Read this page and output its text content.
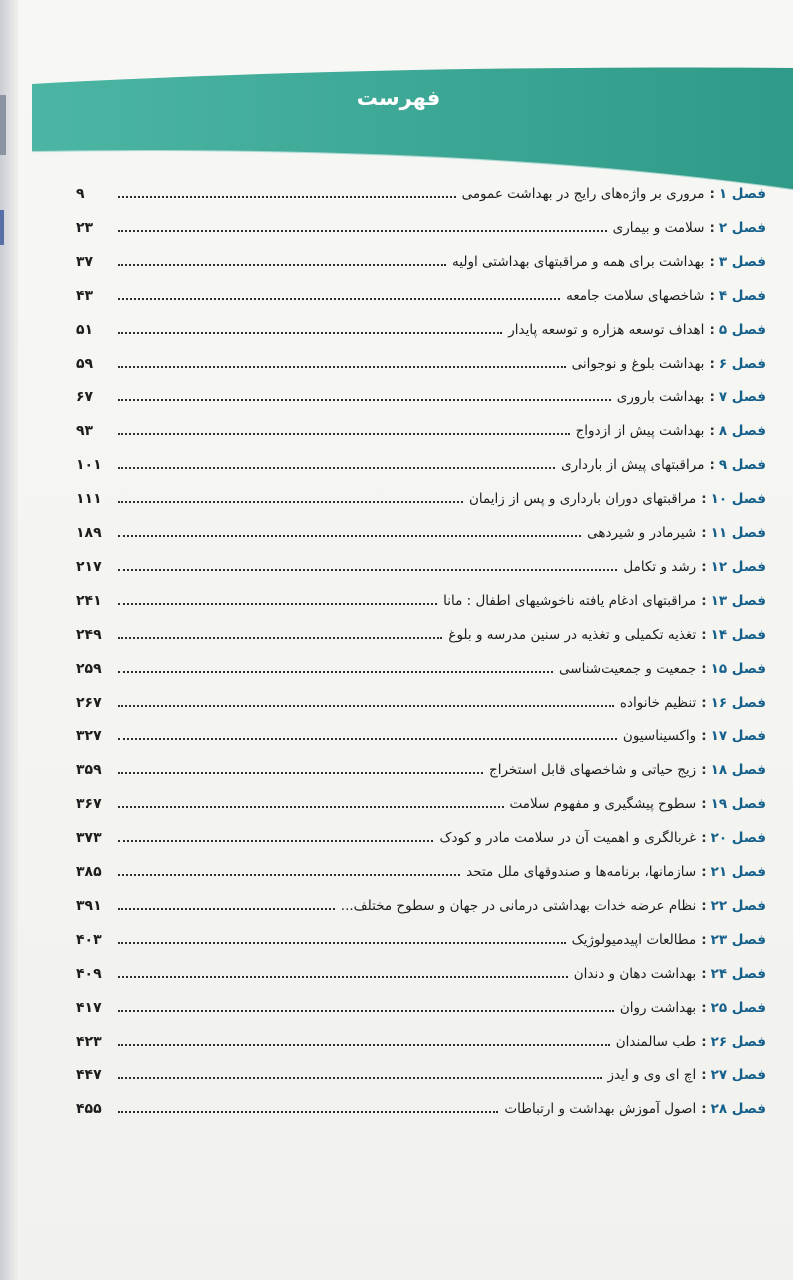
فهرست
فصل ۱
:
مروری بر واژه‌های رایج در بهداشت عمومی
۹
فصل ۲
:
سلامت و بیماری
۲۳
فصل ۳
:
بهداشت برای همه و مراقبتهای بهداشتی اولیه
۳۷
فصل ۴
:
شاخصهای سلامت جامعه
۴۳
فصل ۵
:
اهداف توسعه هزاره و توسعه پایدار
۵۱
فصل ۶
:
بهداشت بلوغ و نوجوانی
۵۹
فصل ۷
:
بهداشت باروری
۶۷
فصل ۸
:
بهداشت پیش از ازدواج
۹۳
فصل ۹
:
مراقبتهای پیش از بارداری
۱۰۱
فصل ۱۰
:
مراقبتهای دوران بارداری و پس از زایمان
۱۱۱
فصل ۱۱
:
شیرمادر و شیردهی
۱۸۹
فصل ۱۲
:
رشد و تکامل
۲۱۷
فصل ۱۳
:
مراقبتهای ادغام یافته ناخوشیهای اطفال : مانا
۲۴۱
فصل ۱۴
:
تغذیه تکمیلی و تغذیه در سنین مدرسه و بلوغ
۲۴۹
فصل ۱۵
:
جمعیت و جمعیت‌شناسی
۲۵۹
فصل ۱۶
:
تنظیم خانواده
۲۶۷
فصل ۱۷
:
واکسیناسیون
۳۲۷
فصل ۱۸
:
زیج حیاتی و شاخصهای قابل استخراج
۳۵۹
فصل ۱۹
:
سطوح پیشگیری و مفهوم سلامت
۳۶۷
فصل ۲۰
:
غربالگری و اهمیت آن در سلامت مادر و کودک
۳۷۳
فصل ۲۱
:
سازمانها، برنامه‌ها و صندوقهای ملل متحد
۳۸۵
فصل ۲۲
:
نظام عرضه خدات بهداشتی درمانی در جهان و سطوح مختلف...
۳۹۱
فصل ۲۳
:
مطالعات اپیدمیولوژیک
۴۰۳
فصل ۲۴
:
بهداشت دهان و دندان
۴۰۹
فصل ۲۵
:
بهداشت روان
۴۱۷
فصل ۲۶
:
طب سالمندان
۴۲۳
فصل ۲۷
:
اچ ای وی و ایدز
۴۴۷
فصل ۲۸
:
اصول آموزش بهداشت و ارتباطات
۴۵۵
